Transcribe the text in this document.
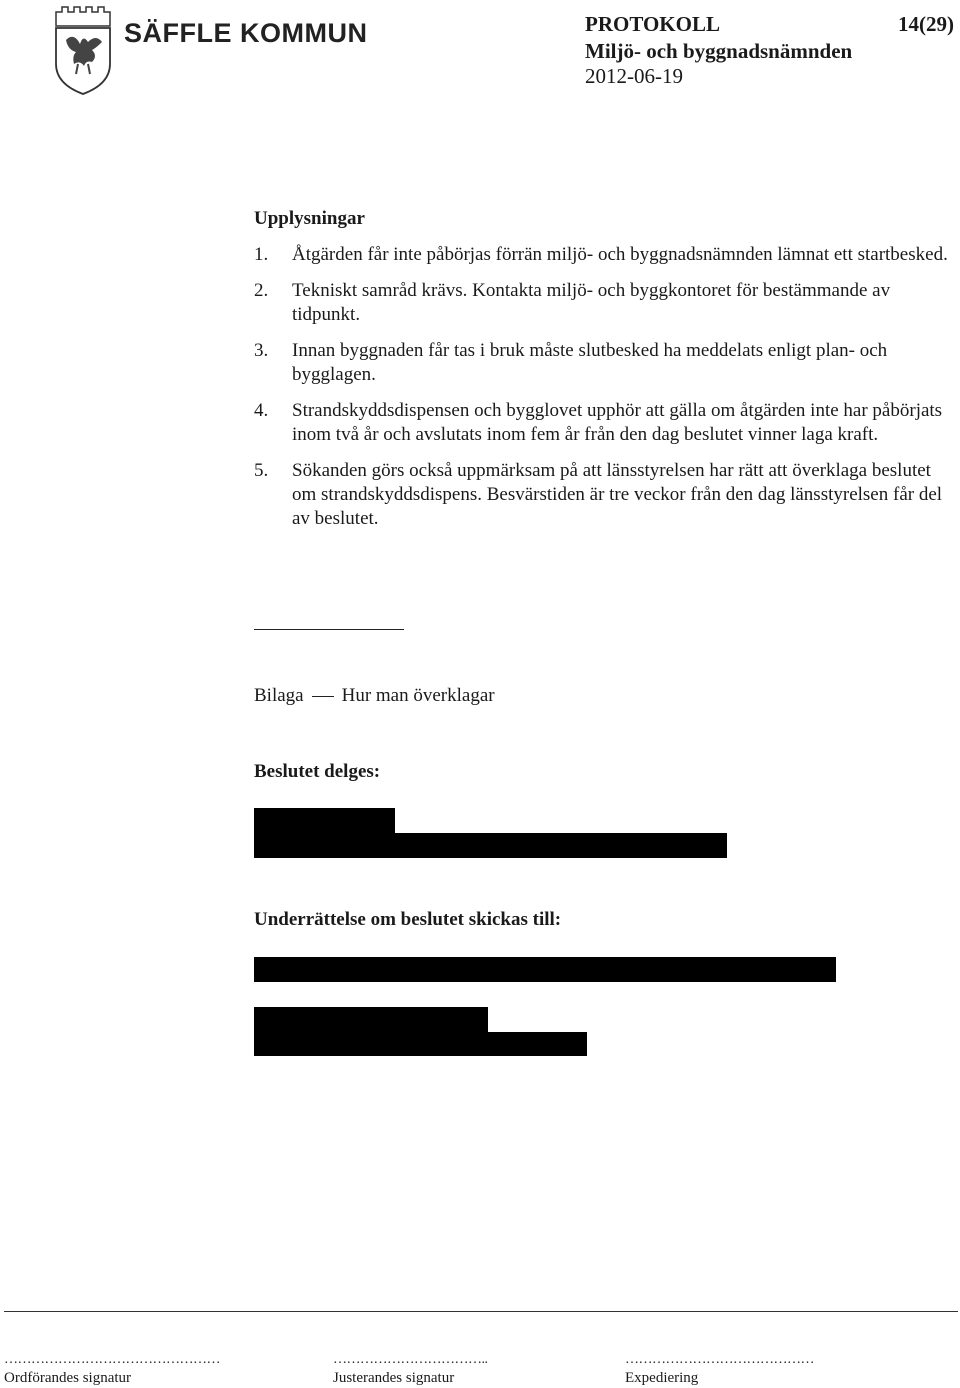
SÄFFLE KOMMUN	PROTOKOLL	14(29)
Miljö- och byggnadsnämnden
2012-06-19
Upplysningar
1. Åtgärden får inte påbörjas förrän miljö- och byggnadsnämnden lämnat ett startbesked.
2. Tekniskt samråd krävs. Kontakta miljö- och byggkontoret för bestämmande av tidpunkt.
3. Innan byggnaden får tas i bruk måste slutbesked ha meddelats enligt plan- och bygglagen.
4. Strandskyddsdispensen och bygglovet upphör att gälla om åtgärden inte har påbörjats inom två år och avslutats inom fem år från den dag beslutet vinner laga kraft.
5. Sökanden görs också uppmärksam på att länsstyrelsen har rätt att överklaga beslutet om strandskyddsdispens. Besvärstiden är tre veckor från den dag länsstyrelsen får del av beslutet.
Bilaga Hur man överklagar
Beslutet delges:
Underrättelse om beslutet skickas till:
…………………………………………
Ordförandes signatur
……………………………..
Justerandes signatur
……………………………………
Expediering
